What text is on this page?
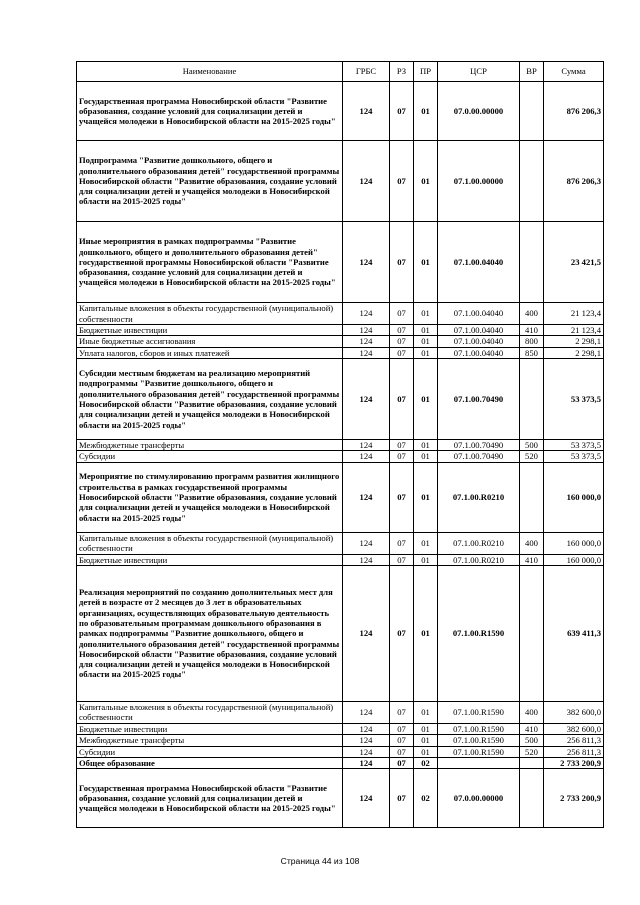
Наименование	ГРБС	РЗ	ПР	ЦСР	ВР	Сумма
Государственная программа Новосибирской области "Развитие образования, создание условий для социализации детей и учащейся молодежи в Новосибирской области на 2015-2025 годы"	124	07	01	07.0.00.00000		876 206,3
Подпрограмма "Развитие дошкольного, общего и дополнительного образования детей" государственной программы Новосибирской области "Развитие образования, создание условий для социализации детей и учащейся молодежи в Новосибирской области на 2015-2025 годы"	124	07	01	07.1.00.00000		876 206,3
Иные мероприятия в рамках подпрограммы "Развитие дошкольного, общего и дополнительного образования детей" государственной программы Новосибирской области "Развитие образования, создание условий для социализации детей и учащейся молодежи в Новосибирской области на 2015-2025 годы"	124	07	01	07.1.00.04040		23 421,5
Капитальные вложения в объекты государственной (муниципальной) собственности	124	07	01	07.1.00.04040	400	21 123,4
Бюджетные инвестиции	124	07	01	07.1.00.04040	410	21 123,4
Иные бюджетные ассигнования	124	07	01	07.1.00.04040	800	2 298,1
Уплата налогов, сборов и иных платежей	124	07	01	07.1.00.04040	850	2 298,1
Субсидии местным бюджетам на реализацию мероприятий подпрограммы "Развитие дошкольного, общего и дополнительного образования детей" государственной программы Новосибирской области "Развитие образования, создание условий для социализации детей и учащейся молодежи в Новосибирской области на 2015-2025 годы"	124	07	01	07.1.00.70490		53 373,5
Межбюджетные трансферты	124	07	01	07.1.00.70490	500	53 373,5
Субсидии	124	07	01	07.1.00.70490	520	53 373,5
Мероприятие по стимулированию программ развития жилищного строительства в рамках государственной программы Новосибирской области "Развитие образования, создание условий для социализации детей и учащейся молодежи в Новосибирской области на 2015-2025 годы"	124	07	01	07.1.00.R0210		160 000,0
Капитальные вложения в объекты государственной (муниципальной) собственности	124	07	01	07.1.00.R0210	400	160 000,0
Бюджетные инвестиции	124	07	01	07.1.00.R0210	410	160 000,0
Реализация мероприятий по созданию дополнительных мест для детей в возрасте от 2 месяцев до 3 лет в образовательных организациях, осуществляющих образовательную деятельность по образовательным программам дошкольного образования в рамках подпрограммы "Развитие дошкольного, общего и дополнительного образования детей" государственной программы Новосибирской области "Развитие образования, создание условий для социализации детей и учащейся молодежи в Новосибирской области на 2015-2025 годы"	124	07	01	07.1.00.R1590		639 411,3
Капитальные вложения в объекты государственной (муниципальной) собственности	124	07	01	07.1.00.R1590	400	382 600,0
Бюджетные инвестиции	124	07	01	07.1.00.R1590	410	382 600,0
Межбюджетные трансферты	124	07	01	07.1.00.R1590	500	256 811,3
Субсидии	124	07	01	07.1.00.R1590	520	256 811,3
Общее образование	124	07	02			2 733 200,9
Государственная программа Новосибирской области "Развитие образования, создание условий для социализации детей и учащейся молодежи в Новосибирской области на 2015-2025 годы"	124	07	02	07.0.00.00000		2 733 200,9
Страница 44 из 108
